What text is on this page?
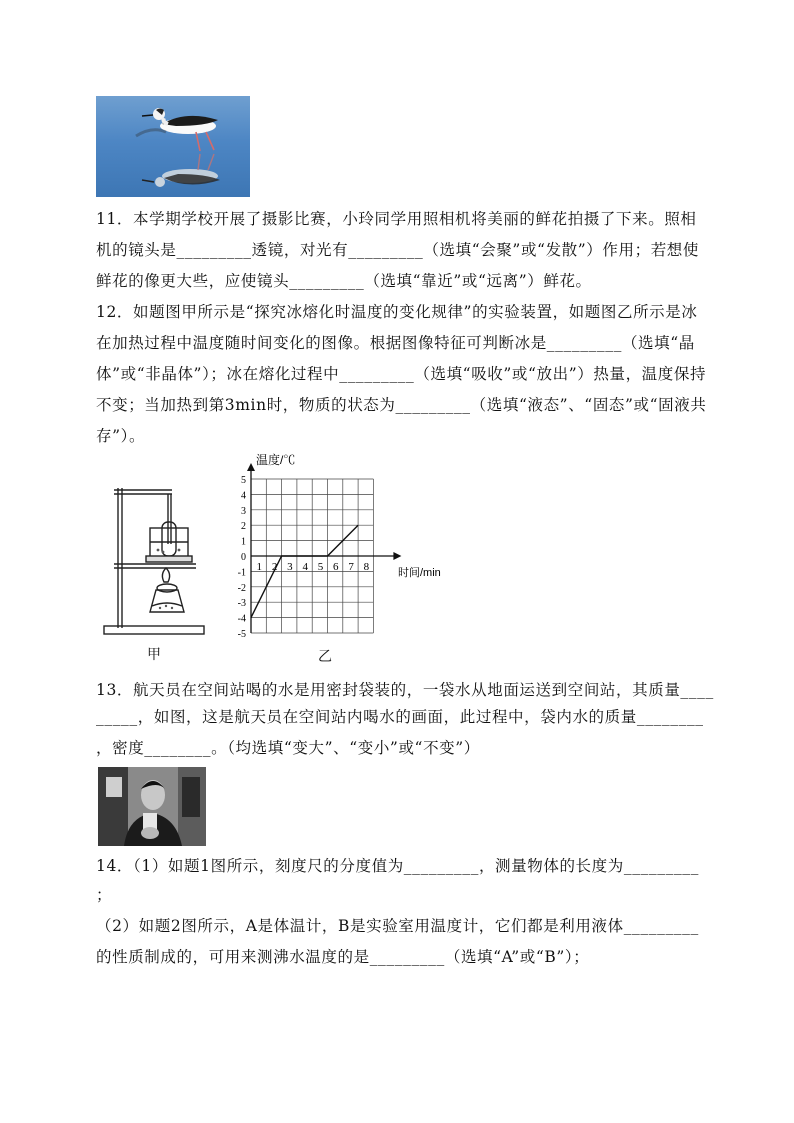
11．本学期学校开展了摄影比赛，小玲同学用照相机将美丽的鲜花拍摄了下来。照相
机的镜头是_________透镜，对光有_________（选填“会聚”或“发散”）作用；若想使
鲜花的像更大些，应使镜头_________（选填“靠近”或“远离”）鲜花。
12．如题图甲所示是“探究冰熔化时温度的变化规律”的实验装置，如题图乙所示是冰
在加热过程中温度随时间变化的图像。根据图像特征可判断冰是_________（选填“晶
体”或“非晶体”）；冰在熔化过程中_________（选填“吸收”或“放出”）热量，温度保持
不变；当加热到第3min时，物质的状态为_________（选填“液态”、“固态”或“固液共
存”）。
甲
5
4
3
2
1
0
-1
-2
-3
-4
-5
1 2 3 4 5 6 7 8
温度/℃
时间/min
乙
13．航天员在空间站喝的水是用密封袋装的，一袋水从地面运送到空间站，其质量____
_____，如图，这是航天员在空间站内喝水的画面，此过程中，袋内水的质量________
，密度________。（均选填“变大”、“变小”或“不变”）
14．（1）如题1图所示，刻度尺的分度值为_________，测量物体的长度为_________
；
（2）如题2图所示，A是体温计，B是实验室用温度计，它们都是利用液体_________
的性质制成的，可用来测沸水温度的是_________（选填“A”或“B”）；
